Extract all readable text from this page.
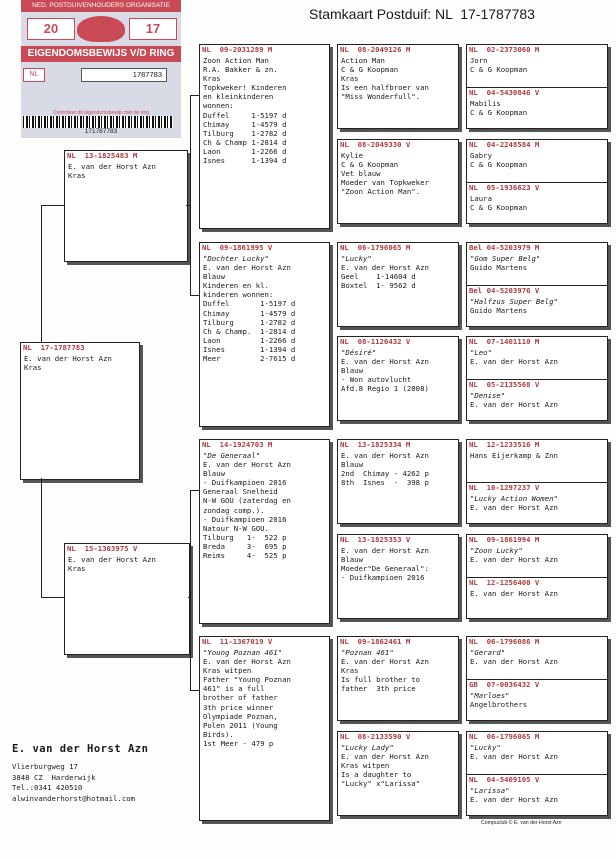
Stamkaart Postduif: NL  17-1787783
NED. POSTDUIVENHOUDERS ORGANISATIE
20	17
EIGENDOMSBEWIJS V/D RING
NL	1787783
Controleer dit eigendomsbewijs met de ring
171787783
NL  17-1787783
E. van der Horst Azn
Kras
NL  13-1825483 M
E. van der Horst Azn
Kras
NL  15-1303975 V
E. van der Horst Azn
Kras
NL  09-2031289 M
Zoon Action Man
R.A. Bakker & zn.
Kras
Topkweker! Kinderen
en kleinkinderen
wonnen:
Duffel     1-5197 d
Chimay     1-4579 d
Tilburg    1-2782 d
Ch & Champ 1-2814 d
Laon       1-2266 d
Isnes      1-1394 d
NL  09-1861995 V
"Dochter Lucky"
E. van der Horst Azn
Blauw
Kinderen en kl.
kinderen wonnen:
Duffel       1-5197 d
Chimay       1-4579 d
Tilburg      1-2782 d
Ch & Champ.  1-2814 d
Laon         1-2266 d
Isnes        1-1394 d
Meer         2-7615 d
NL  14-1924703 M
"De Generaal"
E. van der Horst Azn
Blauw
- Duifkampioen 2016
Generaal Snelheid
N-W GOU (zaterdag en
zondag comp.).
- Duifkampioen 2016
Natour N-W GOU.
Tilburg   1-  522 p
Breda     3-  695 p
Reims     4-  525 p
NL  11-1367019 V
"Young Poznan 461"
E. van der Horst Azn
Kras witpen
Father "Young Poznan
461" is a full
brother of father
3th price winner
Olympiade Poznan,
Polen 2011 (Young
Birds).
1st Meer - 479 p
NL  08-2049126 M
Action Man
C & G Koopman
Kras
Is een halfbroer van
"Miss Wonderfull".
NL  08-2049330 V
Kylie
C & G Koopman
Vet blauw
Moeder van Topkweker
"Zoon Action Man".
NL  06-1796065 M
"Lucky"
E. van der Horst Azn
Geel    1-14604 d
Boxtel  1- 9562 d
NL  08-1120432 V
"Désiré"
E. van der Horst Azn
Blauw
- Won autovlucht
Afd.8 Regio 1 (2008)
NL  13-1825334 M
E. van der Horst Azn
Blauw
2nd  Chimay - 4262 p
8th  Isnes  -  398 p
NL  13-1825353 V
E. van der Horst Azn
Blauw
Moeder"De Generaal":
- Duifkampioen 2016
NL  09-1862461 M
"Poznan 461"
E. van der Horst Azn
Kras
Is full brother to
father  3th price
NL  08-2133590 V
"Lucky Lady"
E. van der Horst Azn
Kras witpen
Is a daughter to
"Lucky" x"Larissa"
NL  02-2373060 M
Jorn
C & G Koopman
NL  04-5430846 V
Mabilis
C & G Koopman
NL  04-2248584 M
Gabry
C & G Koopman
NL  05-1936623 V
Laura
C & G Koopman
Bel 04-5203979 M
"Gom Super Belg"
Guido Martens
Bel 04-5203976 V
"Halfzus Super Belg"
Guido Martens
NL  07-1401110 M
"Leo"
E. van der Horst Azn
NL  05-2135568 V
"Denise"
E. van der Horst Azn
NL  12-1233516 M
Hans Eijerkamp & Znn
NL  10-1297237 V
"Lucky Action Women"
E. van der Horst Azn
NL  09-1861994 M
"Zoon Lucky"
E. van der Horst Azn
NL  12-1256400 V
E. van der Horst Azn
NL  06-1796086 M
"Gerard"
E. van der Horst Azn
GB  07-0036432 V
"Marloes"
Angelbrothers
NL  06-1796065 M
"Lucky"
E. van der Horst Azn
NL  04-5409105 V
"Larissa"
E. van der Horst Azn
E. van der Horst Azn
Vlierburgweg 17
3848 CZ  Harderwijk
Tel.:0341 420510
alwinvanderhorst@hotmail.com
Compuclub © E. van der Horst Azn
